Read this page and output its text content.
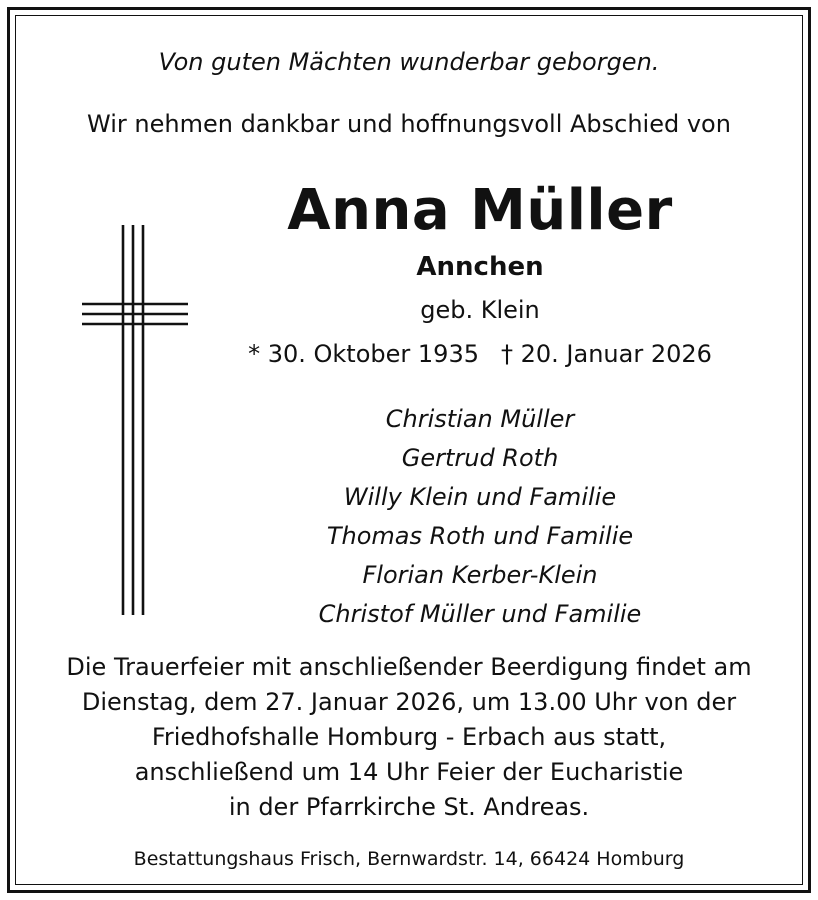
Von guten Mächten wunderbar geborgen.
Wir nehmen dankbar und hoffnungsvoll Abschied von
Anna Müller
Annchen
geb. Klein
* 30. Oktober 1935 † 20. Januar 2026
Christian Müller
Gertrud Roth
Willy Klein und Familie
Thomas Roth und Familie
Florian Kerber-Klein
Christof Müller und Familie
Die Trauerfeier mit anschließender Beerdigung findet am
Dienstag, dem 27. Januar 2026, um 13.00 Uhr von der
Friedhofshalle Homburg - Erbach aus statt,
anschließend um 14 Uhr Feier der Eucharistie
in der Pfarrkirche St. Andreas.
Bestattungshaus Frisch, Bernwardstr. 14, 66424 Homburg
